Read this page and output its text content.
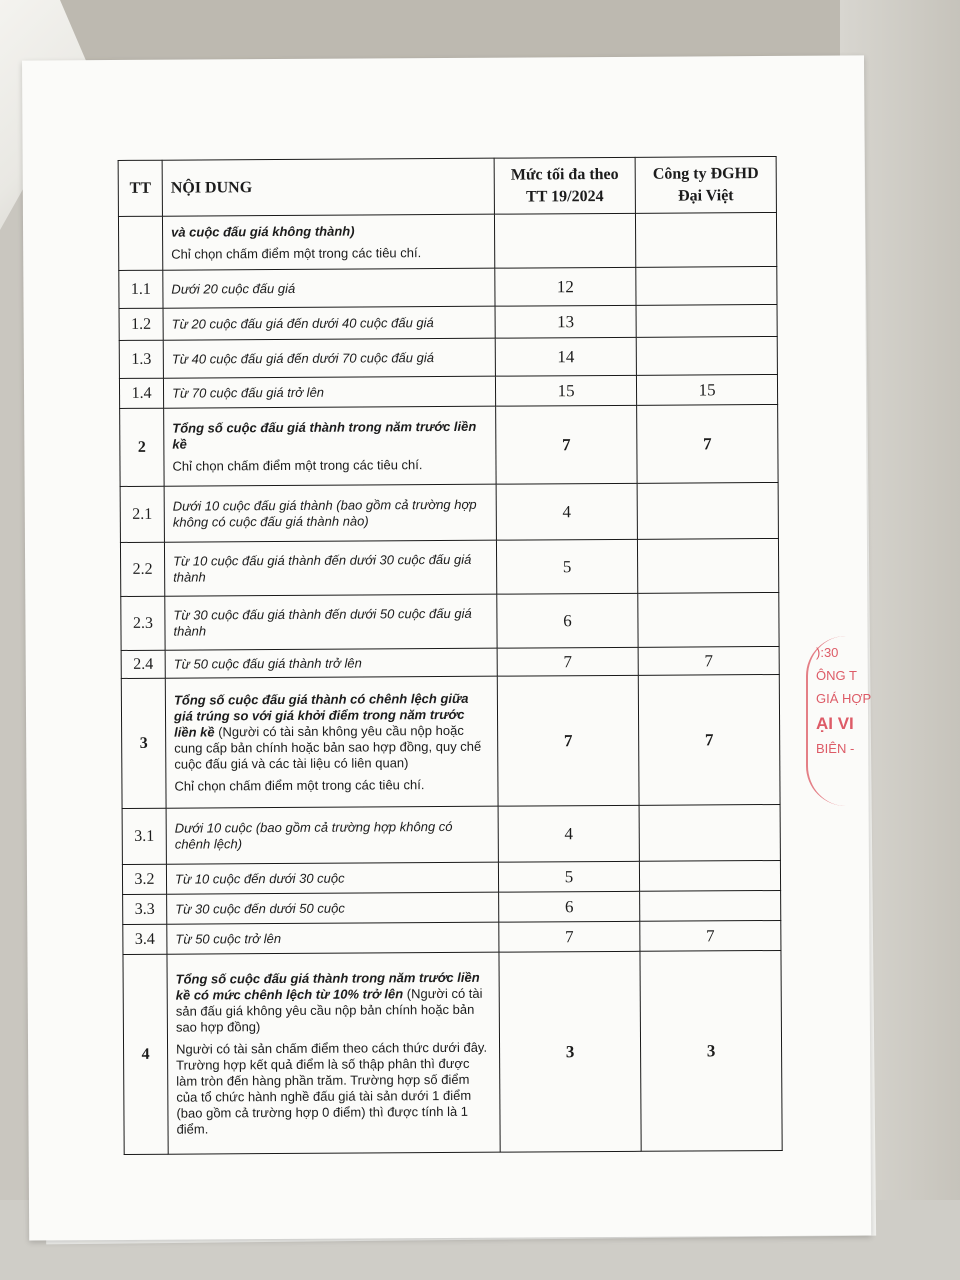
TT	NỘI DUNG	Mức tối đa theo
TT 19/2024	Công ty ĐGHD
Đại Việt
	và cuộc đấu giá không thành)
Chỉ chọn chấm điểm một trong các tiêu chí.		

1.1	Dưới 20 cuộc đấu giá	12	
1.2	Từ 20 cuộc đấu giá đến dưới 40 cuộc đấu giá	13	
1.3	Từ 40 cuộc đấu giá đến dưới 70 cuộc đấu giá	14	
1.4	Từ 70 cuộc đấu giá trở lên	15	15
2	Tổng số cuộc đấu giá thành trong năm trước liền kề
Chỉ chọn chấm điểm một trong các tiêu chí.	7	7
2.1	Dưới 10 cuộc đấu giá thành (bao gồm cả trường hợp không có cuộc đấu giá thành nào)	4	
2.2	Từ 10 cuộc đấu giá thành đến dưới 30 cuộc đấu giá thành	5	
2.3	Từ 30 cuộc đấu giá thành đến dưới 50 cuộc đấu giá thành	6	
2.4	Từ 50 cuộc đấu giá thành trở lên	7	7
3	Tổng số cuộc đấu giá thành có chênh lệch giữa giá trúng so với giá khởi điểm trong năm trước liền kề (Người có tài sản không yêu cầu nộp hoặc cung cấp bản chính hoặc bản sao hợp đồng, quy chế cuộc đấu giá và các tài liệu có liên quan)
Chỉ chọn chấm điểm một trong các tiêu chí.	7	7
3.1	Dưới 10 cuộc (bao gồm cả trường hợp không có chênh lệch)	4	
3.2	Từ 10 cuộc đến dưới 30 cuộc	5	
3.3	Từ 30 cuộc đến dưới 50 cuộc	6	
3.4	Từ 50 cuộc trở lên	7	7
4	Tổng số cuộc đấu giá thành trong năm trước liền kề có mức chênh lệch từ 10% trở lên (Người có tài sản đấu giá không yêu cầu nộp bản chính hoặc bản sao hợp đồng)
Người có tài sản chấm điểm theo cách thức dưới đây. Trường hợp kết quả điểm là số thập phân thì được làm tròn đến hàng phần trăm. Trường hợp số điểm của tổ chức hành nghề đấu giá tài sản dưới 1 điểm (bao gồm cả trường hợp 0 điểm) thì được tính là 1 điểm.	3	3
):30
ÔNG T
GIÁ HỢP
ẠI VI
BIÊN -
